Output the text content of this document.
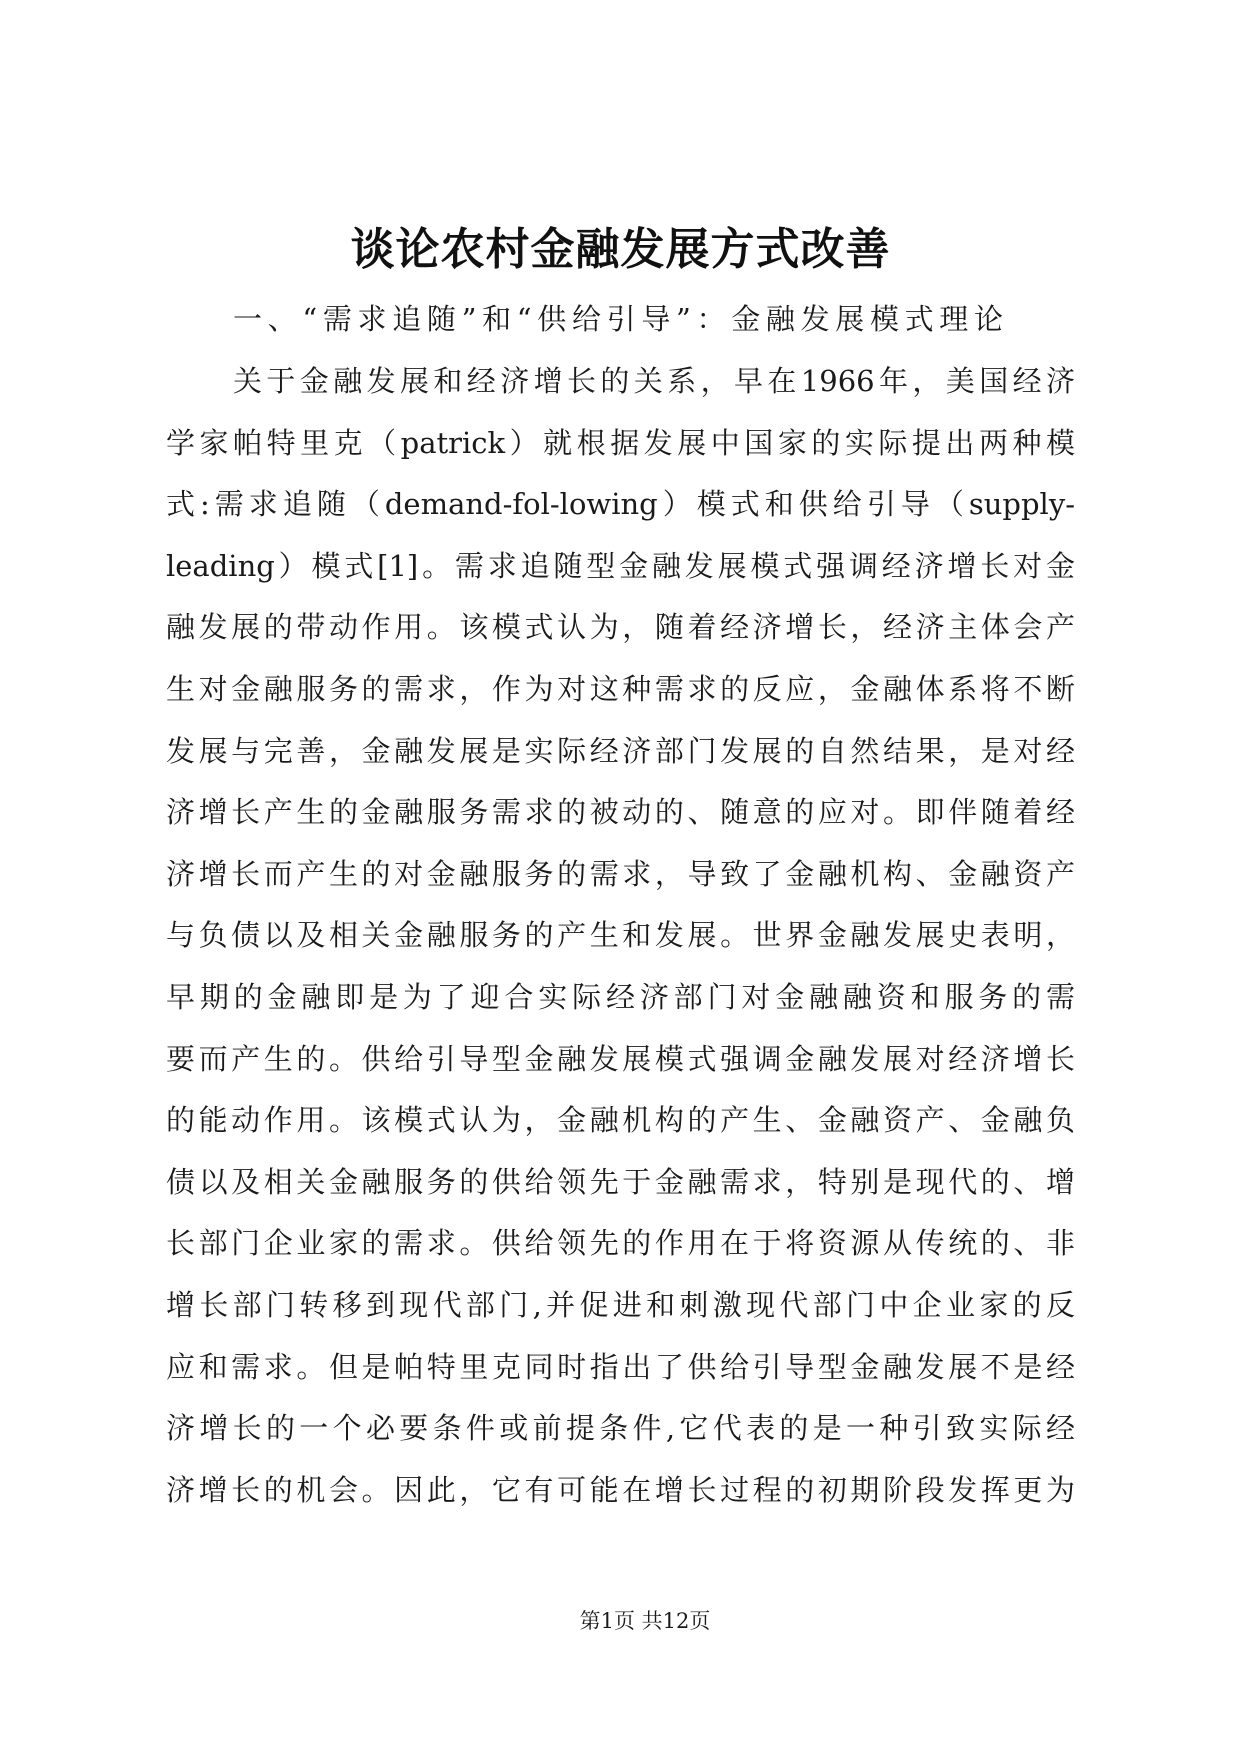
谈论农村金融发展方式改善
一、“需求追随”和“供给引导”：金融发展模式理论
关于金融发展和经济增长的关系，早在1966年，美国经济
学家帕特里克（patrick）就根据发展中国家的实际提出两种模
式:需求追随（demand-fol-lowing）模式和供给引导（supply-
leading）模式[1]。需求追随型金融发展模式强调经济增长对金
融发展的带动作用。该模式认为，随着经济增长，经济主体会产
生对金融服务的需求，作为对这种需求的反应，金融体系将不断
发展与完善，金融发展是实际经济部门发展的自然结果，是对经
济增长产生的金融服务需求的被动的、随意的应对。即伴随着经
济增长而产生的对金融服务的需求，导致了金融机构、金融资产
与负债以及相关金融服务的产生和发展。世界金融发展史表明，
早期的金融即是为了迎合实际经济部门对金融融资和服务的需
要而产生的。供给引导型金融发展模式强调金融发展对经济增长
的能动作用。该模式认为，金融机构的产生、金融资产、金融负
债以及相关金融服务的供给领先于金融需求，特别是现代的、增
长部门企业家的需求。供给领先的作用在于将资源从传统的、非
增长部门转移到现代部门,并促进和刺激现代部门中企业家的反
应和需求。但是帕特里克同时指出了供给引导型金融发展不是经
济增长的一个必要条件或前提条件,它代表的是一种引致实际经
济增长的机会。因此，它有可能在增长过程的初期阶段发挥更为
第1页 共12页
